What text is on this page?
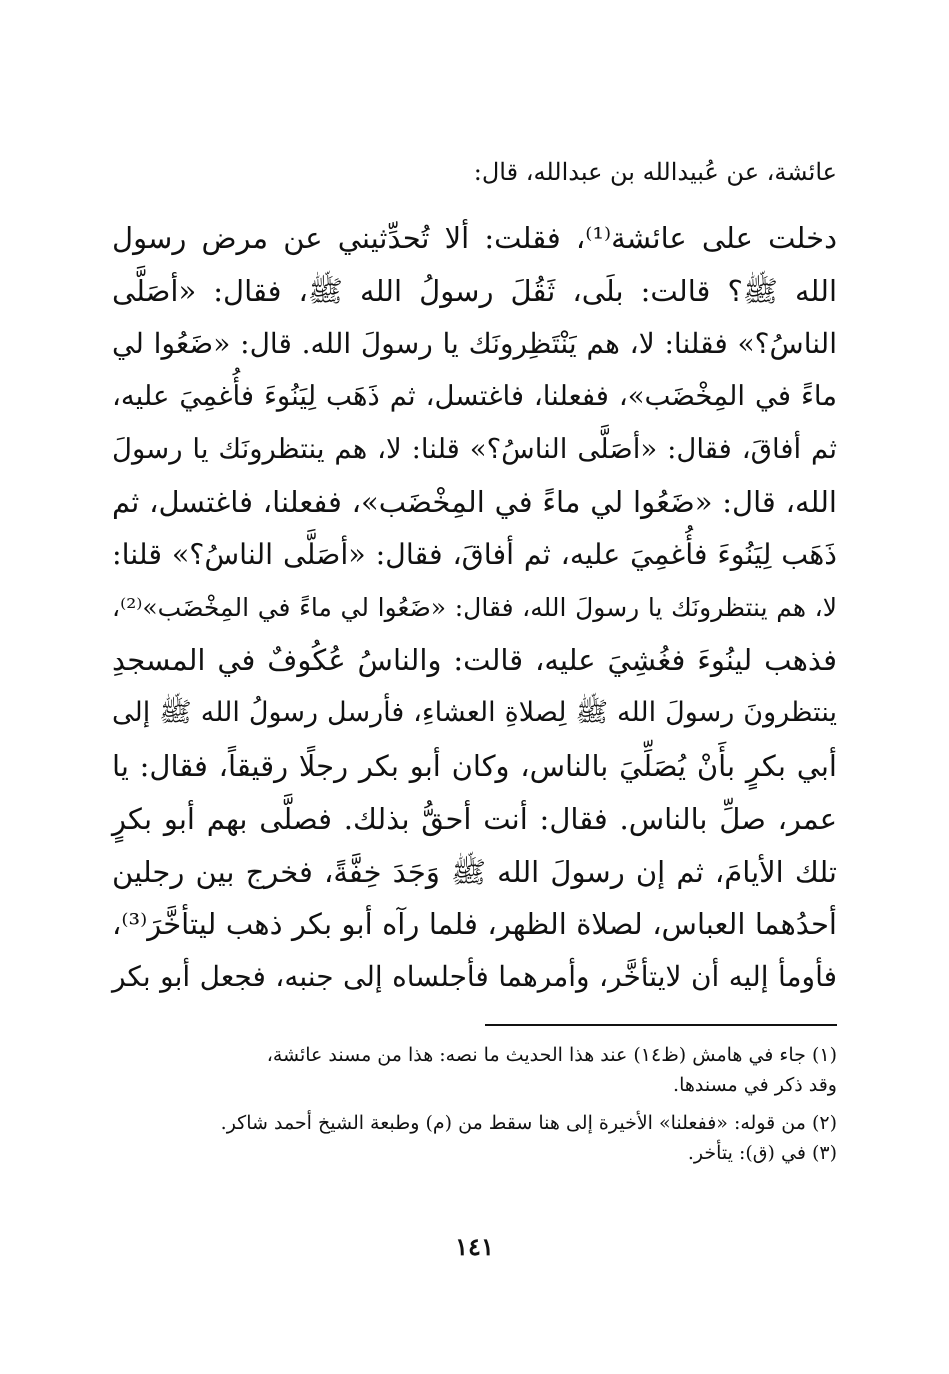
عائشة، عن عُبيدالله بن عبدالله، قال:
دخلت على عائشة⁽¹⁾، فقلت: ألا تُحدِّثيني عن مرض رسول
الله ﷺ؟ قالت: بلَى، ثَقُلَ رسولُ الله ﷺ، فقال: «أصَلَّى
الناسُ؟» فقلنا: لا، هم يَنْتَظِرونَك يا رسولَ الله. قال: «ضَعُوا لي
ماءً في المِخْضَب»، ففعلنا، فاغتسل، ثم ذَهَب لِيَنُوءَ فأُغمِيَ عليه،
ثم أفاقَ، فقال: «أصَلَّى الناسُ؟» قلنا: لا، هم ينتظرونَك يا رسولَ
الله، قال: «ضَعُوا لي ماءً في المِخْضَب»، ففعلنا، فاغتسل، ثم
ذَهَب لِيَنُوءَ فأُغمِيَ عليه، ثم أفاقَ، فقال: «أصَلَّى الناسُ؟» قلنا:
لا، هم ينتظرونَك يا رسولَ الله، فقال: «ضَعُوا لي ماءً في المِخْضَب»⁽²⁾،
فذهب لينُوءَ فغُشِيَ عليه، قالت: والناسُ عُكُوفٌ في المسجدِ
ينتظرونَ رسولَ الله ﷺ لِصلاةِ العشاءِ، فأرسل رسولُ الله ﷺ إلى
أبي بكرٍ بأَنْ يُصَلِّيَ بالناس، وكان أبو بكر رجلًا رقيقاً، فقال: يا
عمر، صلِّ بالناس. فقال: أنت أحقُّ بذلك. فصلَّى بهم أبو بكرٍ
تلك الأيامَ، ثم إن رسولَ الله ﷺ وَجَدَ خِفَّةً، فخرج بين رجلين
أحدُهما العباس، لصلاة الظهر، فلما رآه أبو بكر ذهب ليتأخَّرَ⁽³⁾،
فأومأ إليه أن لايتأخَّر، وأمرهما فأجلساه إلى جنبه، فجعل أبو بكر
(١) جاء في هامش (ظ١٤) عند هذا الحديث ما نصه: هذا من مسند عائشة،
وقد ذكر في مسندها.
(٢) من قوله: «ففعلنا» الأخيرة إلى هنا سقط من (م) وطبعة الشيخ أحمد شاكر.
(٣) في (ق): يتأخر.
١٤١
